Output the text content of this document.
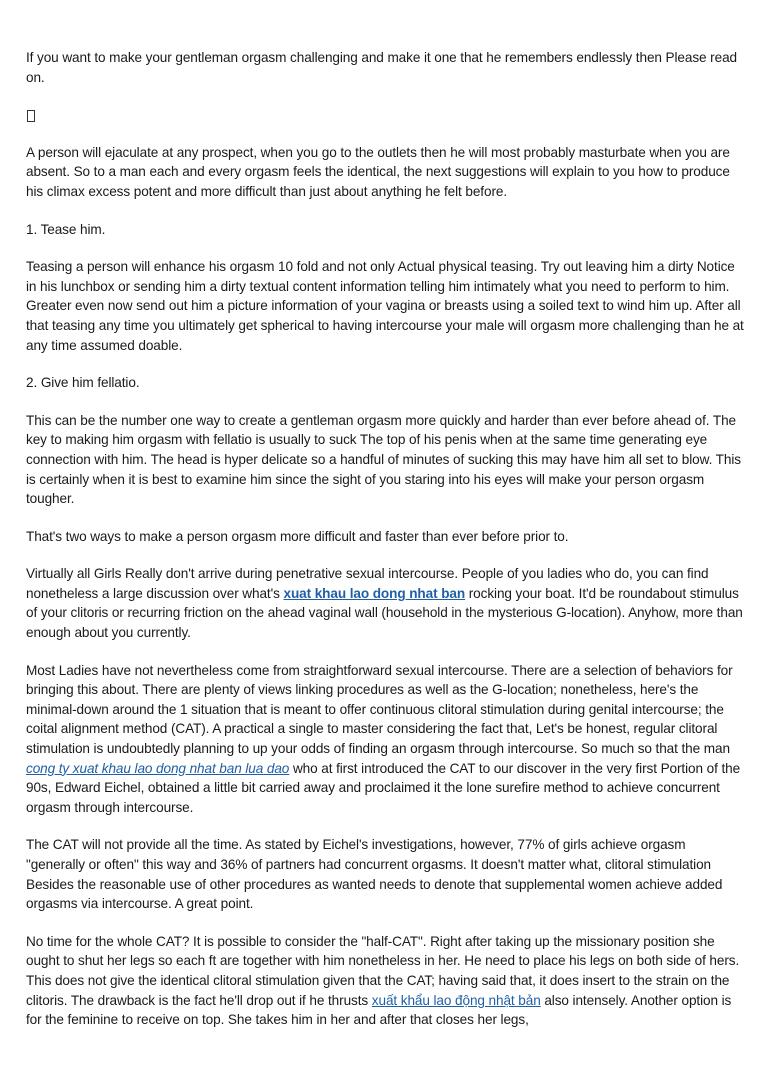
If you want to make your gentleman orgasm challenging and make it one that he remembers endlessly then Please read on.

A person will ejaculate at any prospect, when you go to the outlets then he will most probably masturbate when you are absent. So to a man each and every orgasm feels the identical, the next suggestions will explain to you how to produce his climax excess potent and more difficult than just about anything he felt before.

1. Tease him.

Teasing a person will enhance his orgasm 10 fold and not only Actual physical teasing. Try out leaving him a dirty Notice in his lunchbox or sending him a dirty textual content information telling him intimately what you need to perform to him. Greater even now send out him a picture information of your vagina or breasts using a soiled text to wind him up. After all that teasing any time you ultimately get spherical to having intercourse your male will orgasm more challenging than he at any time assumed doable.

2. Give him fellatio.

This can be the number one way to create a gentleman orgasm more quickly and harder than ever before ahead of. The key to making him orgasm with fellatio is usually to suck The top of his penis when at the same time generating eye connection with him. The head is hyper delicate so a handful of minutes of sucking this may have him all set to blow. This is certainly when it is best to examine him since the sight of you staring into his eyes will make your person orgasm tougher.

That's two ways to make a person orgasm more difficult and faster than ever before prior to.

Virtually all Girls Really don't arrive during penetrative sexual intercourse. People of you ladies who do, you can find nonetheless a large discussion over what's xuat khau lao dong nhat ban rocking your boat. It'd be roundabout stimulus of your clitoris or recurring friction on the ahead vaginal wall (household in the mysterious G-location). Anyhow, more than enough about you currently.

Most Ladies have not nevertheless come from straightforward sexual intercourse. There are a selection of behaviors for bringing this about. There are plenty of views linking procedures as well as the G-location; nonetheless, here's the minimal-down around the 1 situation that is meant to offer continuous clitoral stimulation during genital intercourse; the coital alignment method (CAT). A practical a single to master considering the fact that, Let's be honest, regular clitoral stimulation is undoubtedly planning to up your odds of finding an orgasm through intercourse. So much so that the man cong ty xuat khau lao dong nhat ban lua dao who at first introduced the CAT to our discover in the very first Portion of the 90s, Edward Eichel, obtained a little bit carried away and proclaimed it the lone surefire method to achieve concurrent orgasm through intercourse.

The CAT will not provide all the time. As stated by Eichel's investigations, however, 77% of girls achieve orgasm "generally or often" this way and 36% of partners had concurrent orgasms. It doesn't matter what, clitoral stimulation Besides the reasonable use of other procedures as wanted needs to denote that supplemental women achieve added orgasms via intercourse. A great point.

No time for the whole CAT? It is possible to consider the "half-CAT". Right after taking up the missionary position she ought to shut her legs so each ft are together with him nonetheless in her. He need to place his legs on both side of hers. This does not give the identical clitoral stimulation given that the CAT; having said that, it does insert to the strain on the clitoris. The drawback is the fact he'll drop out if he thrusts xuất khẩu lao động nhật bản also intensely. Another option is for the feminine to receive on top. She takes him in her and after that closes her legs,
